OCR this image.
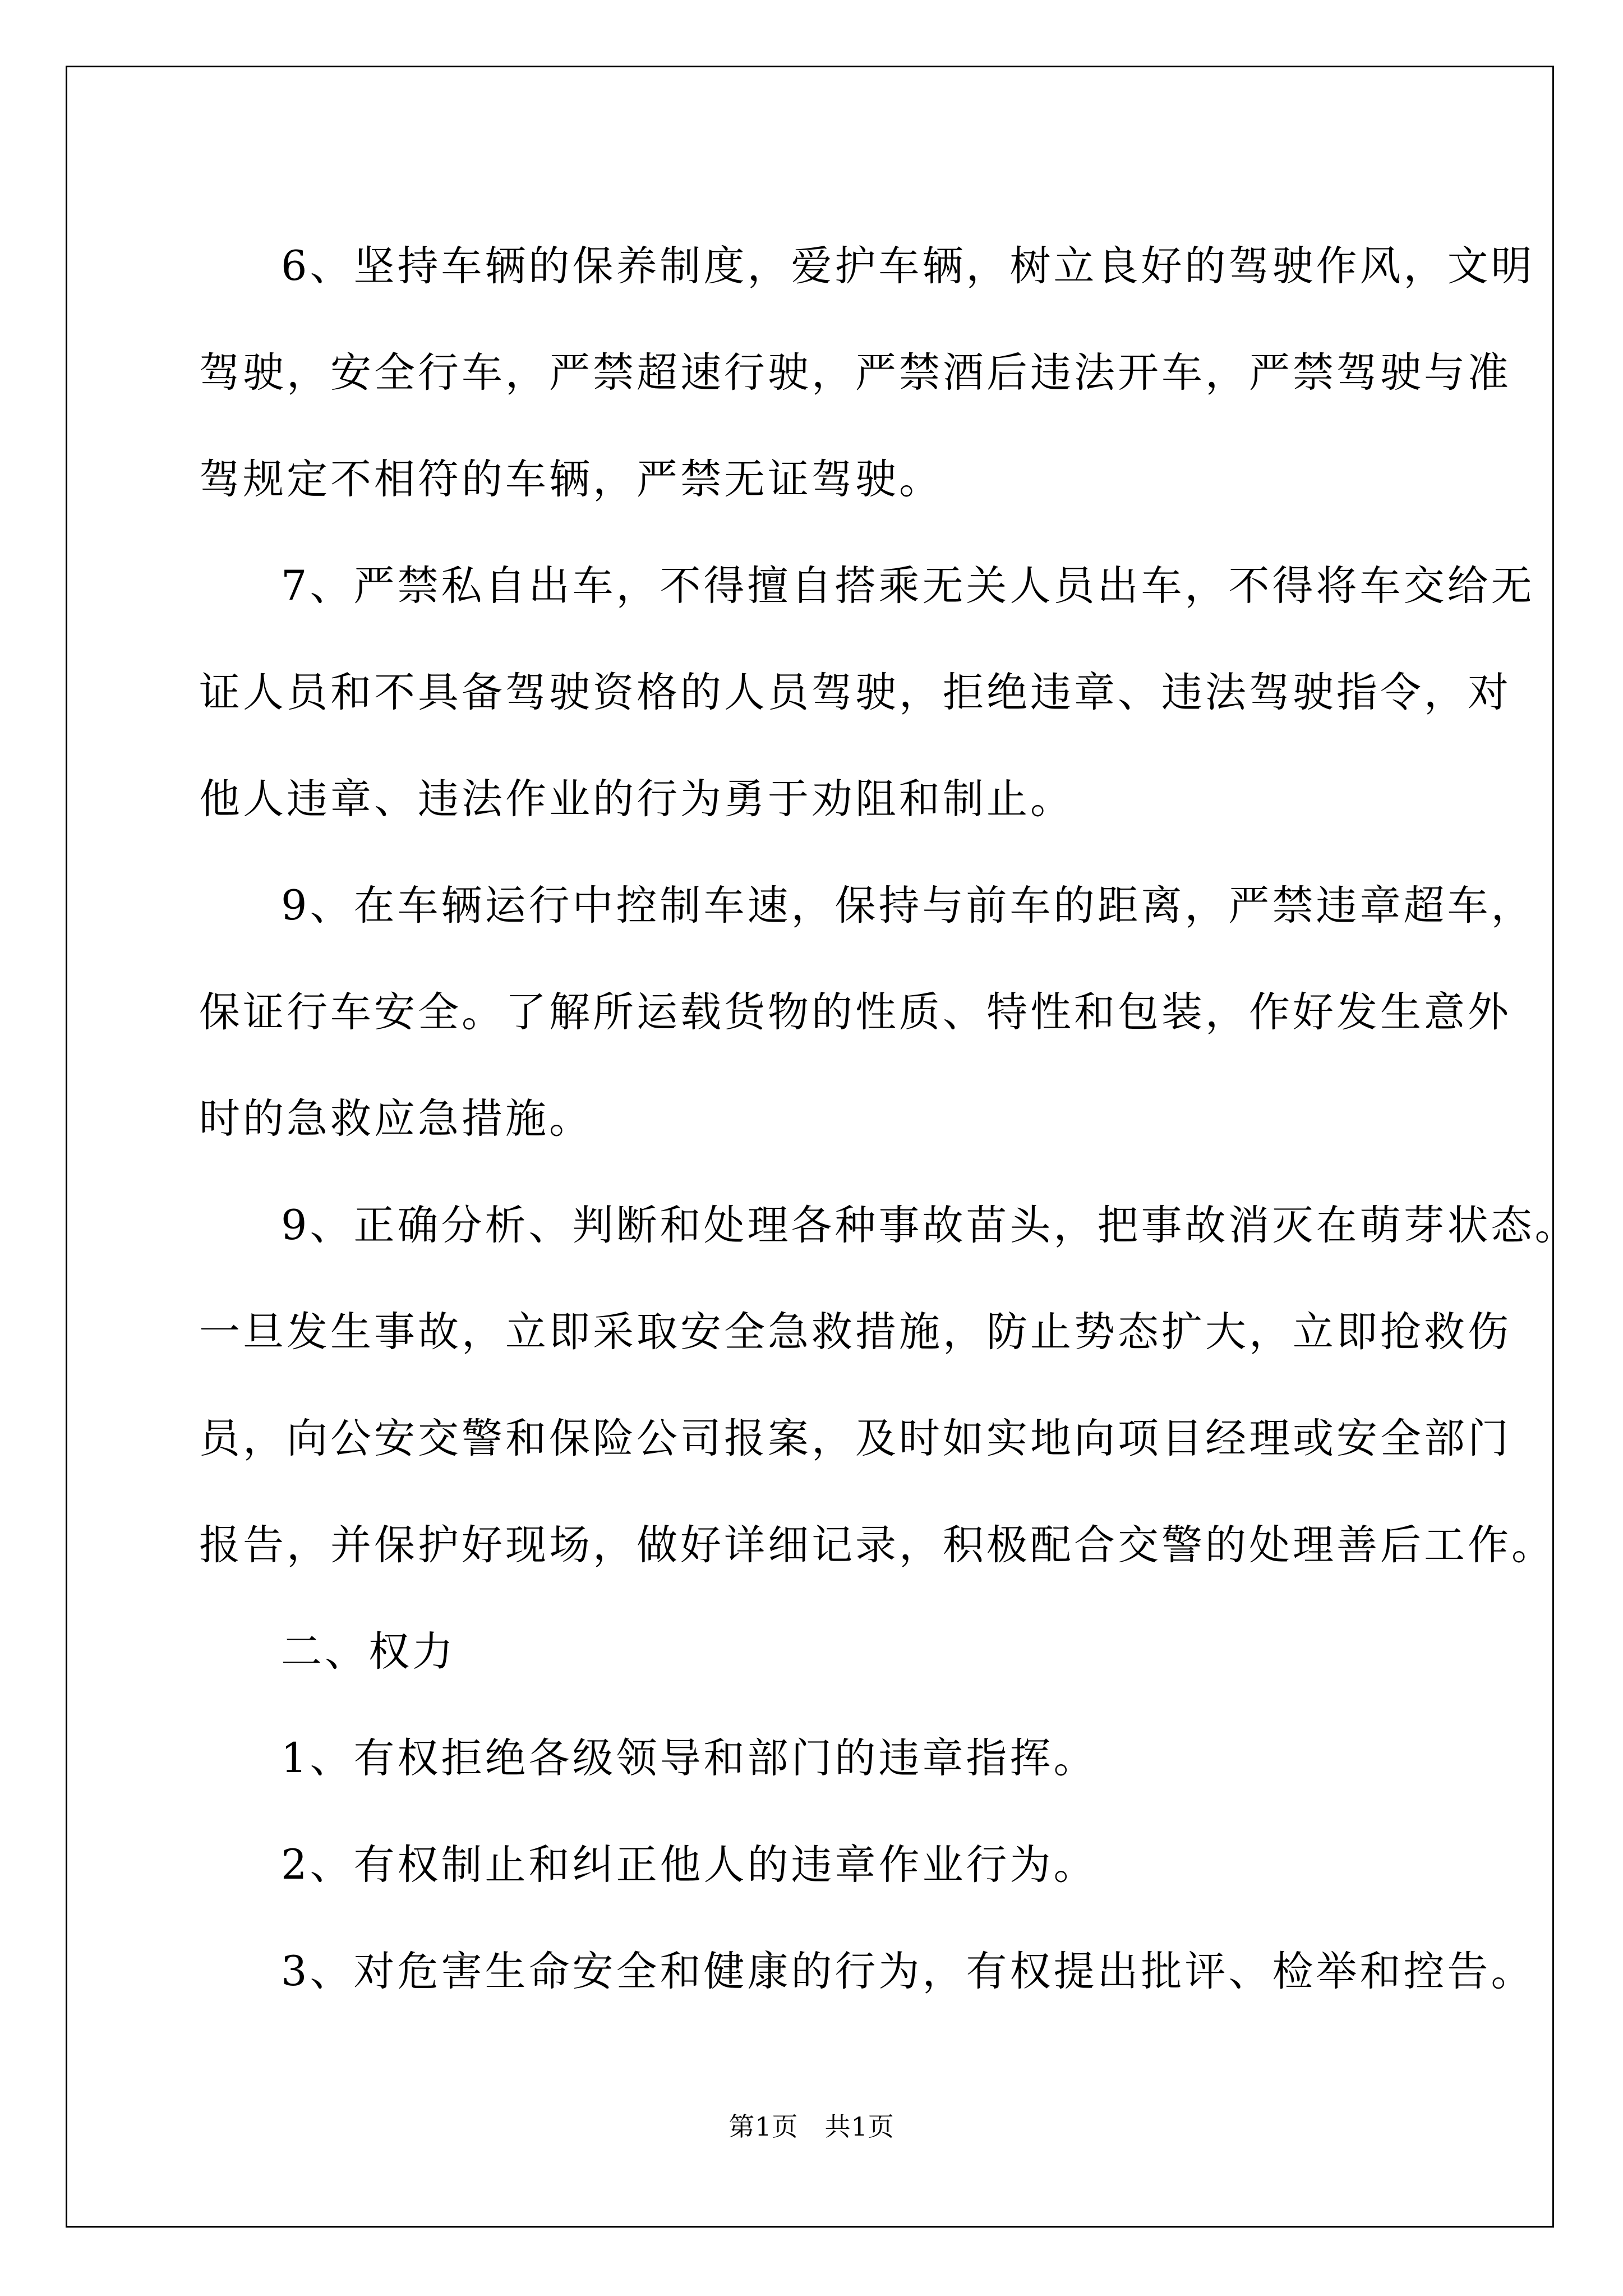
6、坚持车辆的保养制度，爱护车辆，树立良好的驾驶作风，文明
驾驶，安全行车，严禁超速行驶，严禁酒后违法开车，严禁驾驶与准
驾规定不相符的车辆，严禁无证驾驶。

7、严禁私自出车，不得擅自搭乘无关人员出车，不得将车交给无
证人员和不具备驾驶资格的人员驾驶，拒绝违章、违法驾驶指令，对
他人违章、违法作业的行为勇于劝阻和制止。

9、在车辆运行中控制车速，保持与前车的距离，严禁违章超车，
保证行车安全。了解所运载货物的性质、特性和包装，作好发生意外
时的急救应急措施。

9、正确分析、判断和处理各种事故苗头，把事故消灭在萌芽状态。
一旦发生事故，立即采取安全急救措施，防止势态扩大，立即抢救伤
员，向公安交警和保险公司报案，及时如实地向项目经理或安全部门
报告，并保护好现场，做好详细记录，积极配合交警的处理善后工作。

二、权力

1、有权拒绝各级领导和部门的违章指挥。

2、有权制止和纠正他人的违章作业行为。

3、对危害生命安全和健康的行为，有权提出批评、检举和控告。

第1页　共1页
